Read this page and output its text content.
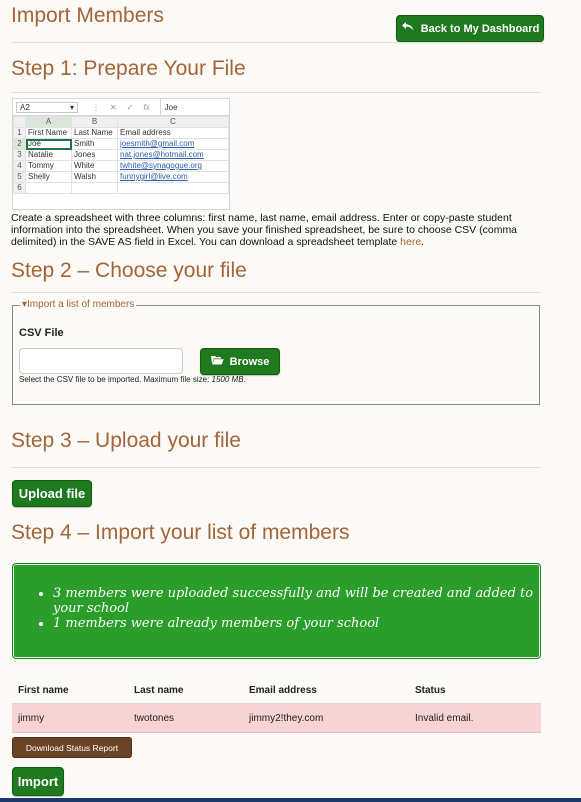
Import Members
Back to My Dashboard
Step 1: Prepare Your File
A2	▾ ⋮ ✕ ✓ fx	Joe
	A	B	C
1	First Name	Last Name	Email address
2	Joe	Smith	joesmith@gmail.com
3	Natalie	Jones	nat.jones@hotmail.com
4	Tommy	White	twhite@synagogue.org
5	Shelly	Walsh	funnygirl@live.com
6			
Create a spreadsheet with three columns: first name, last name, email address. Enter or copy-paste student information into the spreadsheet. When you save your finished spreadsheet, be sure to choose CSV (comma delimited) in the SAVE AS field in Excel. You can download a spreadsheet template here.
Step 2 – Choose your file
▾Import a list of members
CSV File
Browse
Select the CSV file to be imported. Maximum file size: 1500 MB.
Step 3 – Upload your file
Upload file
Step 4 – Import your list of members
• 3 members were uploaded successfully and will be created and added to your school
• 1 members were already members of your school
First name	Last name	Email address	Status
jimmy	twotones	jimmy2!they.com	Invalid email.
Download Status Report
Import
